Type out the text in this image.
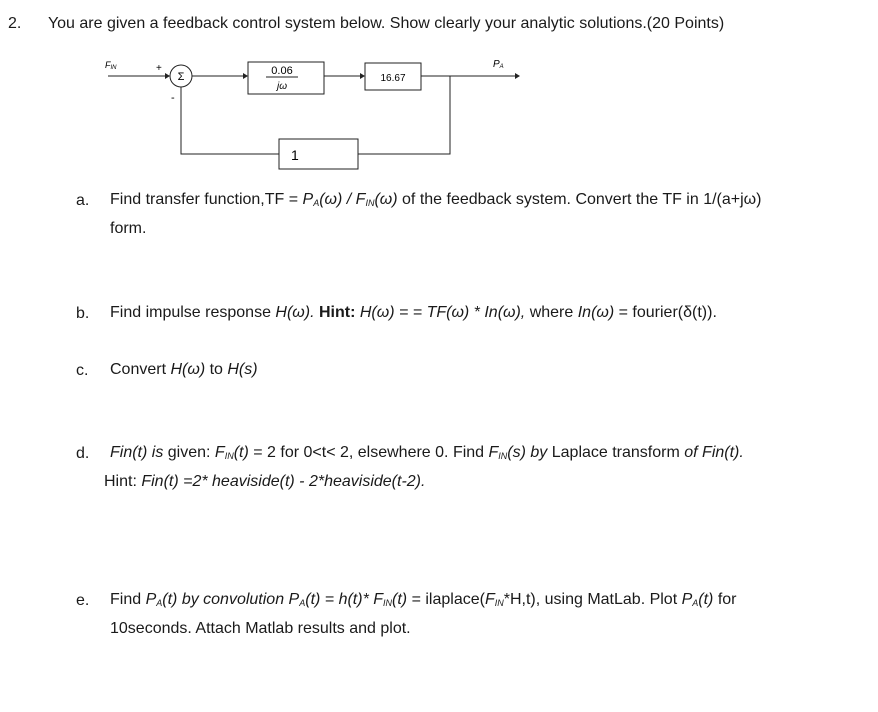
2. You are given a feedback control system below. Show clearly your analytic solutions.(20 Points)
Σ
+
-
FIN	0.06
jω
16.67
PA
1
a. Find transfer function,TF = $P_A(\omega) / F_{IN}(\omega)$ of the feedback system. Convert the TF in 1/(a+jω)
form.
b. Find impulse response H(ω). Hint: H(ω) = = TF(ω) * In(ω), where In(ω) = fourier(δ(t)).
c. Convert H(ω) to H(s)
d.	Fin(t) is given: $F_{IN}(t) = 2$ for 0<t< 2, elsewhere 0. Find $F_{IN}(s)$ by Laplace transform of Fin(t).
Hint: Fin(t) =2* heaviside(t) - 2*heaviside(t-2).
e. Find $P_A(t)$ by convolution $P_A(t) = h(t)*$ $F_{IN}(t)$ = $ilaplace(F_{IN}*H,t)$, using MatLab. Plot $P_A(t)$ for
10seconds. Attach Matlab results and plot.
